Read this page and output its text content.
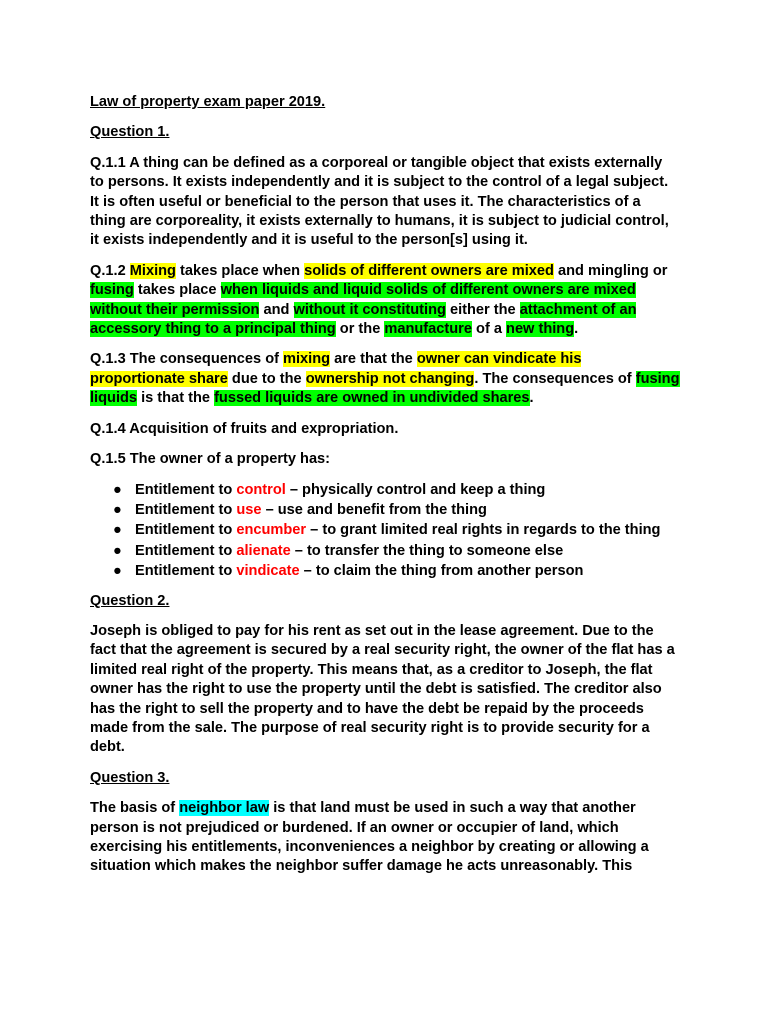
Law of property exam paper 2019.

Question 1.

Q.1.1 A thing can be defined as a corporeal or tangible object that exists externally to persons. It exists independently and it is subject to the control of a legal subject. It is often useful or beneficial to the person that uses it. The characteristics of a thing are corporeality, it exists externally to humans, it is subject to judicial control, it exists independently and it is useful to the person[s] using it.

Q.1.2 Mixing takes place when solids of different owners are mixed and mingling or fusing takes place when liquids and liquid solids of different owners are mixed without their permission and without it constituting either the attachment of an accessory thing to a principal thing or the manufacture of a new thing.

Q.1.3 The consequences of mixing are that the owner can vindicate his proportionate share due to the ownership not changing. The consequences of fusing liquids is that the fussed liquids are owned in undivided shares.

Q.1.4 Acquisition of fruits and expropriation.

Q.1.5 The owner of a property has:

● Entitlement to control – physically control and keep a thing
● Entitlement to use – use and benefit from the thing
● Entitlement to encumber – to grant limited real rights in regards to the thing
● Entitlement to alienate – to transfer the thing to someone else
● Entitlement to vindicate – to claim the thing from another person

Question 2.

Joseph is obliged to pay for his rent as set out in the lease agreement. Due to the fact that the agreement is secured by a real security right, the owner of the flat has a limited real right of the property. This means that, as a creditor to Joseph, the flat owner has the right to use the property until the debt is satisfied. The creditor also has the right to sell the property and to have the debt be repaid by the proceeds made from the sale. The purpose of real security right is to provide security for a debt.

Question 3.

The basis of neighbor law is that land must be used in such a way that another person is not prejudiced or burdened. If an owner or occupier of land, which exercising his entitlements, inconveniences a neighbor by creating or allowing a situation which makes the neighbor suffer damage he acts unreasonably. This
